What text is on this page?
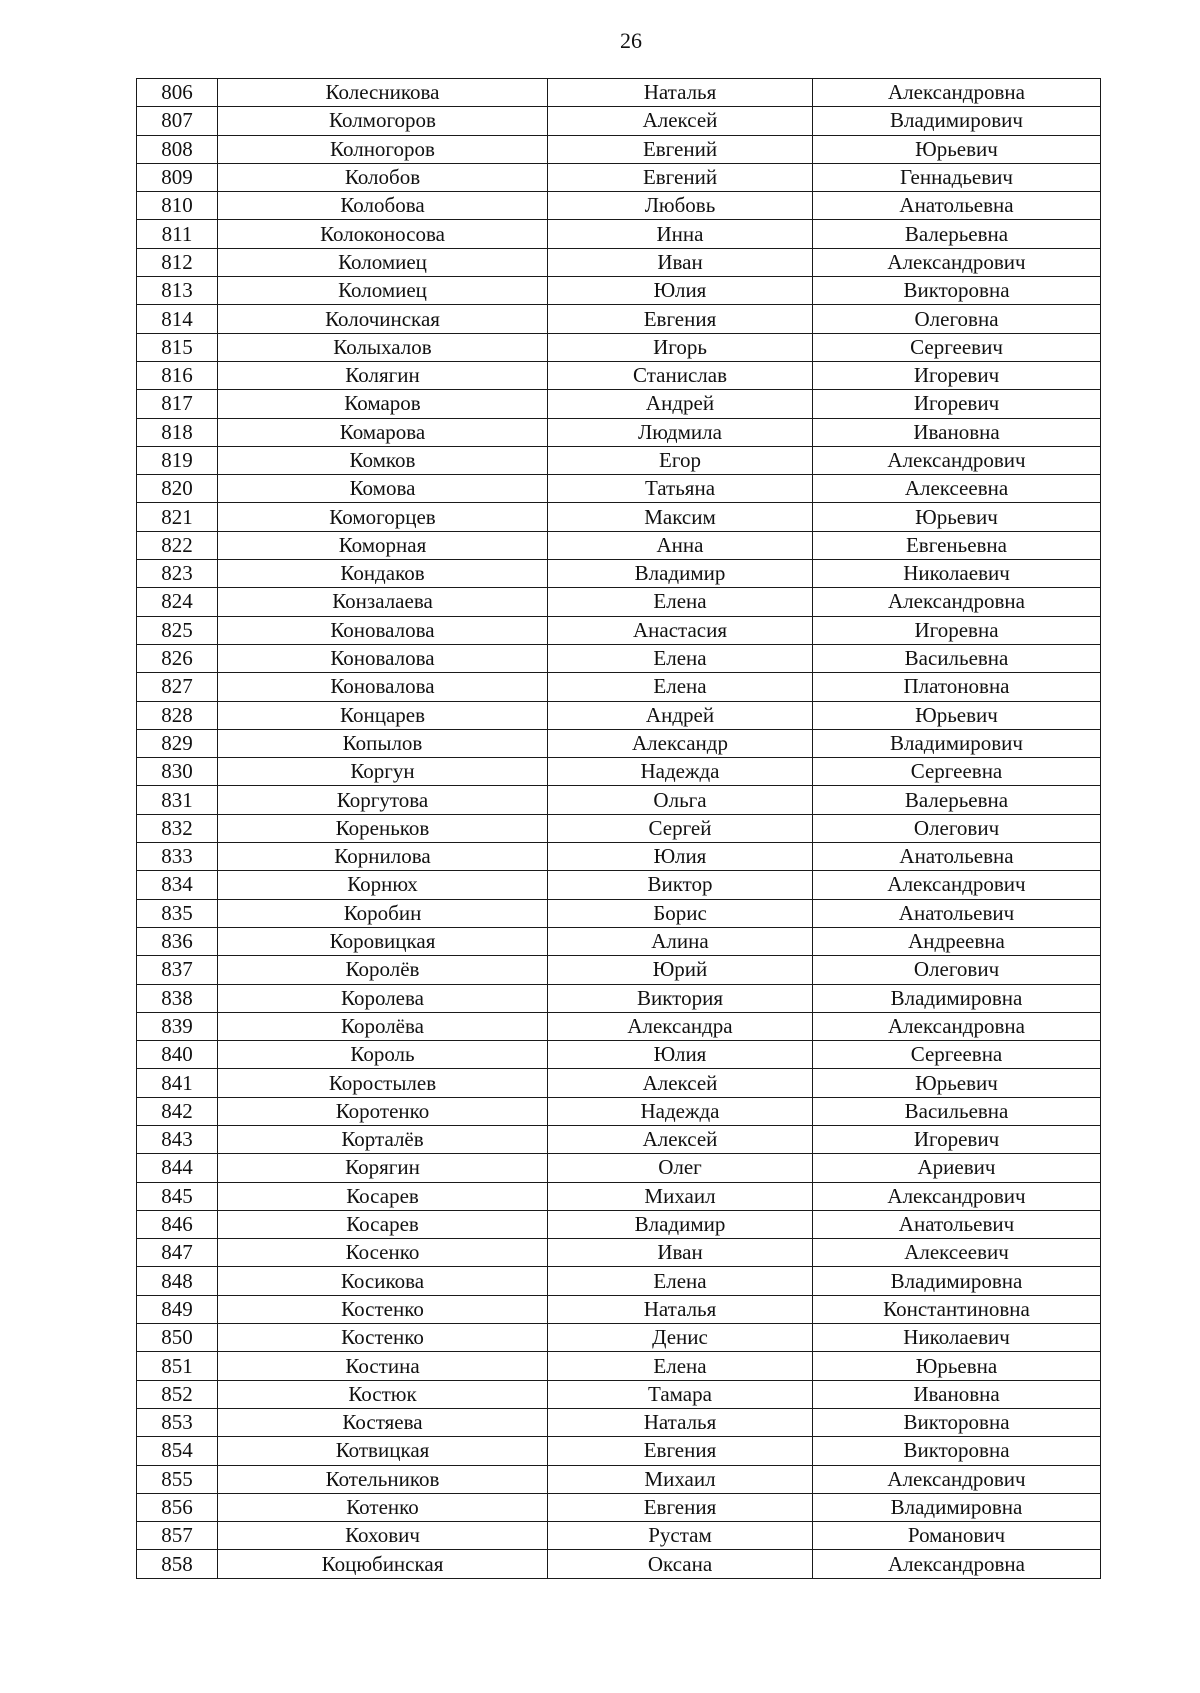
26
806	Колесникова	Наталья	Александровна
807	Колмогоров	Алексей	Владимирович
808	Колногоров	Евгений	Юрьевич
809	Колобов	Евгений	Геннадьевич
810	Колобова	Любовь	Анатольевна
811	Колоконосова	Инна	Валерьевна
812	Коломиец	Иван	Александрович
813	Коломиец	Юлия	Викторовна
814	Колочинская	Евгения	Олеговна
815	Колыхалов	Игорь	Сергеевич
816	Колягин	Станислав	Игоревич
817	Комаров	Андрей	Игоревич
818	Комарова	Людмила	Ивановна
819	Комков	Егор	Александрович
820	Комова	Татьяна	Алексеевна
821	Комогорцев	Максим	Юрьевич
822	Коморная	Анна	Евгеньевна
823	Кондаков	Владимир	Николаевич
824	Конзалаева	Елена	Александровна
825	Коновалова	Анастасия	Игоревна
826	Коновалова	Елена	Васильевна
827	Коновалова	Елена	Платоновна
828	Концарев	Андрей	Юрьевич
829	Копылов	Александр	Владимирович
830	Коргун	Надежда	Сергеевна
831	Коргутова	Ольга	Валерьевна
832	Кореньков	Сергей	Олегович
833	Корнилова	Юлия	Анатольевна
834	Корнюх	Виктор	Александрович
835	Коробин	Борис	Анатольевич
836	Коровицкая	Алина	Андреевна
837	Королёв	Юрий	Олегович
838	Королева	Виктория	Владимировна
839	Королёва	Александра	Александровна
840	Король	Юлия	Сергеевна
841	Коростылев	Алексей	Юрьевич
842	Коротенко	Надежда	Васильевна
843	Корталёв	Алексей	Игоревич
844	Корягин	Олег	Ариевич
845	Косарев	Михаил	Александрович
846	Косарев	Владимир	Анатольевич
847	Косенко	Иван	Алексеевич
848	Косикова	Елена	Владимировна
849	Костенко	Наталья	Константиновна
850	Костенко	Денис	Николаевич
851	Костина	Елена	Юрьевна
852	Костюк	Тамара	Ивановна
853	Костяева	Наталья	Викторовна
854	Котвицкая	Евгения	Викторовна
855	Котельников	Михаил	Александрович
856	Котенко	Евгения	Владимировна
857	Кохович	Рустам	Романович
858	Коцюбинская	Оксана	Александровна
